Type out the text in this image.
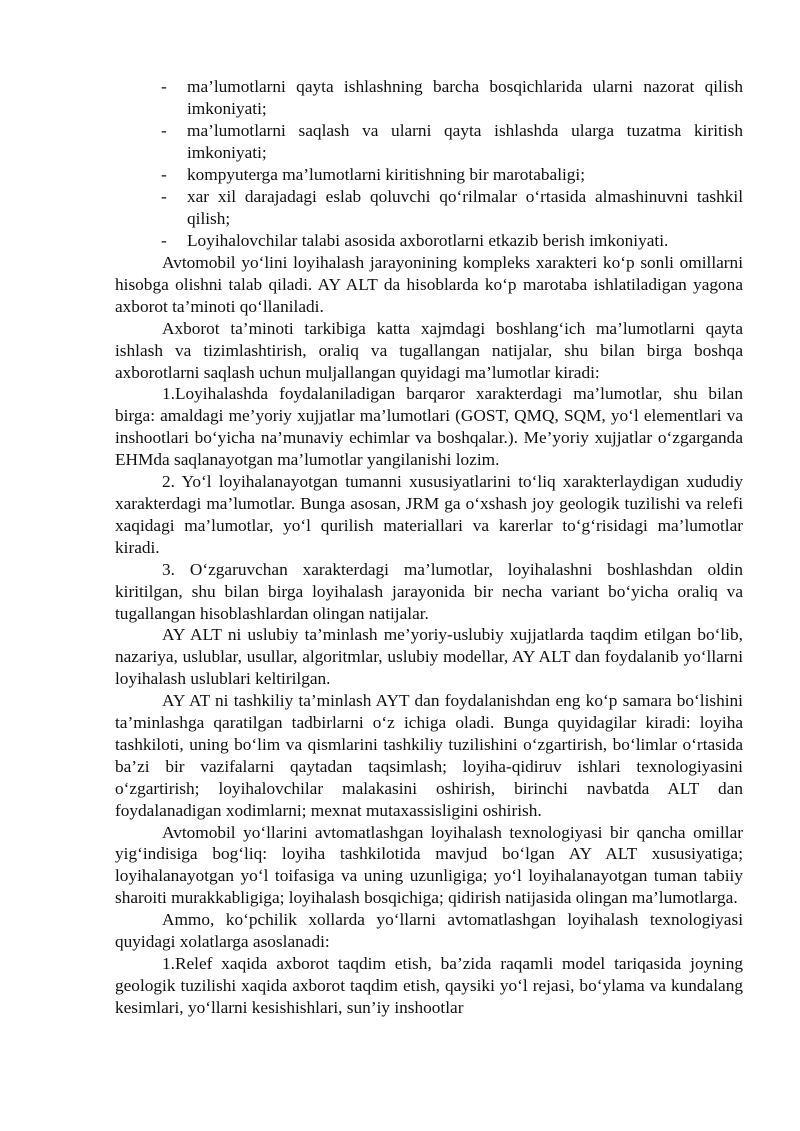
- ma’lumotlarni qayta ishlashning barcha bosqichlarida ularni nazorat qilish imkoniyati;
- ma’lumotlarni saqlash va ularni qayta ishlashda ularga tuzatma kiritish imkoniyati;
- kompyuterga ma’lumotlarni kiritishning bir marotabaligi;
- xar xil darajadagi eslab qoluvchi qo‘rilmalar o‘rtasida almashinuvni tashkil qilish;
- Loyihalovchilar talabi asosida axborotlarni etkazib berish imkoniyati.

Avtomobil yo‘lini loyihalash jarayonining kompleks xarakteri ko‘p sonli omillarni hisobga olishni talab qiladi. AY ALT da hisoblarda ko‘p marotaba ishlatiladigan yagona axborot ta’minoti qo‘llaniladi.

Axborot ta’minoti tarkibiga katta xajmdagi boshlang‘ich ma’lumotlarni qayta ishlash va tizimlashtirish, oraliq va tugallangan natijalar, shu bilan birga boshqa axborotlarni saqlash uchun muljallangan quyidagi ma’lumotlar kiradi:

1.Loyihalashda foydalaniladigan barqaror xarakterdagi ma’lumotlar, shu bilan birga: amaldagi me’yoriy xujjatlar ma’lumotlari (GOST, QMQ, SQM, yo‘l elementlari va inshootlari bo‘yicha na’munaviy echimlar va boshqalar.). Me’yoriy xujjatlar o‘zgarganda EHMda saqlanayotgan ma’lumotlar yangilanishi lozim.

2. Yo‘l loyihalanayotgan tumanni xususiyatlarini to‘liq xarakterlaydigan xududiy xarakterdagi ma’lumotlar. Bunga asosan, JRM ga o‘xshash joy geologik tuzilishi va relefi xaqidagi ma’lumotlar, yo‘l qurilish materiallari va karerlar to‘g‘risidagi ma’lumotlar kiradi.

3. O‘zgaruvchan xarakterdagi ma’lumotlar, loyihalashni boshlashdan oldin kiritilgan, shu bilan birga loyihalash jarayonida bir necha variant bo‘yicha oraliq va tugallangan hisoblashlardan olingan natijalar.

AY ALT ni uslubiy ta’minlash me’yoriy-uslubiy xujjatlarda taqdim etilgan bo‘lib, nazariya, uslublar, usullar, algoritmlar, uslubiy modellar, AY ALT dan foydalanib yo‘llarni loyihalash uslublari keltirilgan.

AY AT ni tashkiliy ta’minlash AYT dan foydalanishdan eng ko‘p samara bo‘lishini ta’minlashga qaratilgan tadbirlarni o‘z ichiga oladi. Bunga quyidagilar kiradi: loyiha tashkiloti, uning bo‘lim va qismlarini tashkiliy tuzilishini o‘zgartirish, bo‘limlar o‘rtasida ba’zi bir vazifalarni qaytadan taqsimlash; loyiha-qidiruv ishlari texnologiyasini o‘zgartirish; loyihalovchilar malakasini oshirish, birinchi navbatda ALT dan foydalanadigan xodimlarni; mexnat mutaxassisligini oshirish.

Avtomobil yo‘llarini avtomatlashgan loyihalash texnologiyasi bir qancha omillar yig‘indisiga bog‘liq: loyiha tashkilotida mavjud bo‘lgan AY ALT xususiyatiga; loyihalanayotgan yo‘l toifasiga va uning uzunligiga; yo‘l loyihalanayotgan tuman tabiiy sharoiti murakkabligiga; loyihalash bosqichiga; qidirish natijasida olingan ma’lumotlarga.

Ammo, ko‘pchilik xollarda yo‘llarni avtomatlashgan loyihalash texnologiyasi quyidagi xolatlarga asoslanadi:

1.Relef xaqida axborot taqdim etish, ba’zida raqamli model tariqasida joyning geologik tuzilishi xaqida axborot taqdim etish, qaysiki yo‘l rejasi, bo‘ylama va kundalang kesimlari, yo‘llarni kesishishlari, sun’iy inshootlar
